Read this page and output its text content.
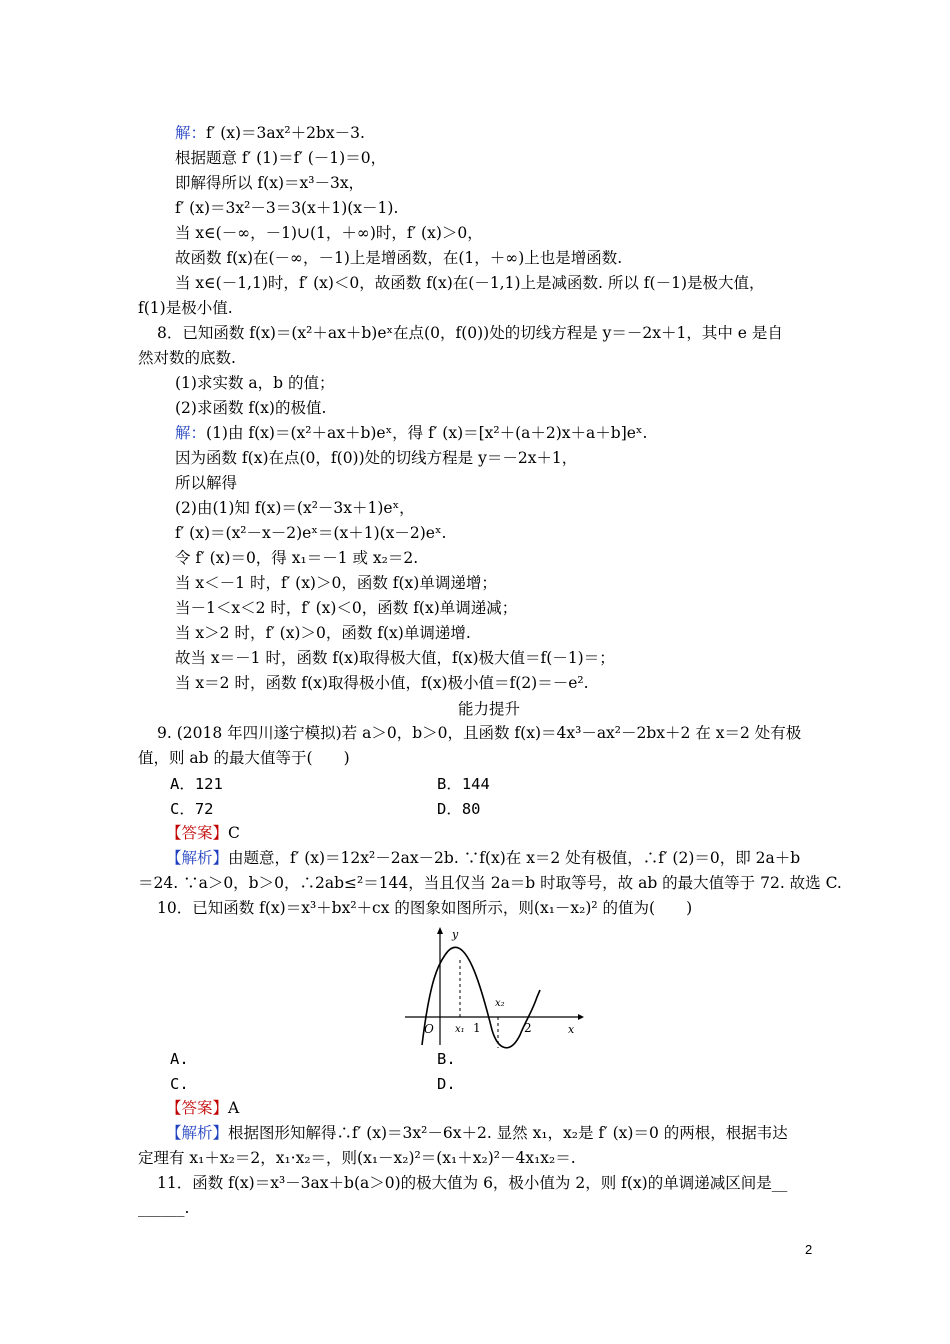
解：f′ (x)＝3ax²＋2bx－3.
根据题意 f′ (1)＝f′ (－1)＝0，
即解得所以 f(x)＝x³－3x，
f′ (x)＝3x²－3＝3(x＋1)(x－1).
当 x∈(－∞，－1)∪(1，＋∞)时，f′ (x)＞0，
故函数 f(x)在(－∞，－1)上是增函数，在(1，＋∞)上也是增函数.
当 x∈(－1,1)时，f′ (x)＜0，故函数 f(x)在(－1,1)上是减函数. 所以 f(－1)是极大值，
f(1)是极小值.
8．已知函数 f(x)＝(x²＋ax＋b)eˣ在点(0，f(0))处的切线方程是 y＝－2x＋1，其中 e 是自
然对数的底数.
(1)求实数 a，b 的值；
(2)求函数 f(x)的极值.
解：(1)由 f(x)＝(x²＋ax＋b)eˣ，得 f′ (x)＝[x²＋(a＋2)x＋a＋b]eˣ.
因为函数 f(x)在点(0，f(0))处的切线方程是 y＝－2x＋1，
所以解得
(2)由(1)知 f(x)＝(x²－3x＋1)eˣ，
f′ (x)＝(x²－x－2)eˣ＝(x＋1)(x－2)eˣ.
令 f′ (x)＝0，得 x₁＝－1 或 x₂＝2.
当 x＜－1 时，f′ (x)＞0，函数 f(x)单调递增；
当－1＜x＜2 时，f′ (x)＜0，函数 f(x)单调递减；
当 x＞2 时，f′ (x)＞0，函数 f(x)单调递增.
故当 x＝－1 时，函数 f(x)取得极大值，f(x)极大值＝f(－1)＝；
当 x＝2 时，函数 f(x)取得极小值，f(x)极小值＝f(2)＝－e².
9. (2018 年四川遂宁模拟)若 a＞0，b＞0，且函数 f(x)＝4x³－ax²－2bx＋2 在 x＝2 处有极
值，则 ab 的最大值等于(　　)
【答案】C
【解析】由题意，f′ (x)＝12x²－2ax－2b. ∵f(x)在 x＝2 处有极值，∴f′ (2)＝0，即 2a＋b
＝24. ∵a＞0，b＞0，∴2ab≤²＝144，当且仅当 2a＝b 时取等号，故 ab 的最大值等于 72. 故选 C.
10．已知函数 f(x)＝x³＋bx²＋cx 的图象如图所示，则(x₁－x₂)² 的值为(　　)
【答案】A
【解析】根据图形知解得∴f′ (x)＝3x²－6x＋2. 显然 x₁，x₂是 f′ (x)＝0 的两根，根据韦达
定理有 x₁＋x₂＝2，x₁·x₂＝，则(x₁－x₂)²＝(x₁＋x₂)²－4x₁x₂＝.
11．函数 f(x)＝x³－3ax＋b(a＞0)的极大值为 6，极小值为 2，则 f(x)的单调递减区间是__
______.
能力提升
A．121	B．144
C．72	D．80
y
x
O x₁ 1
x₂
2
A.	B.
C.	D.
2
